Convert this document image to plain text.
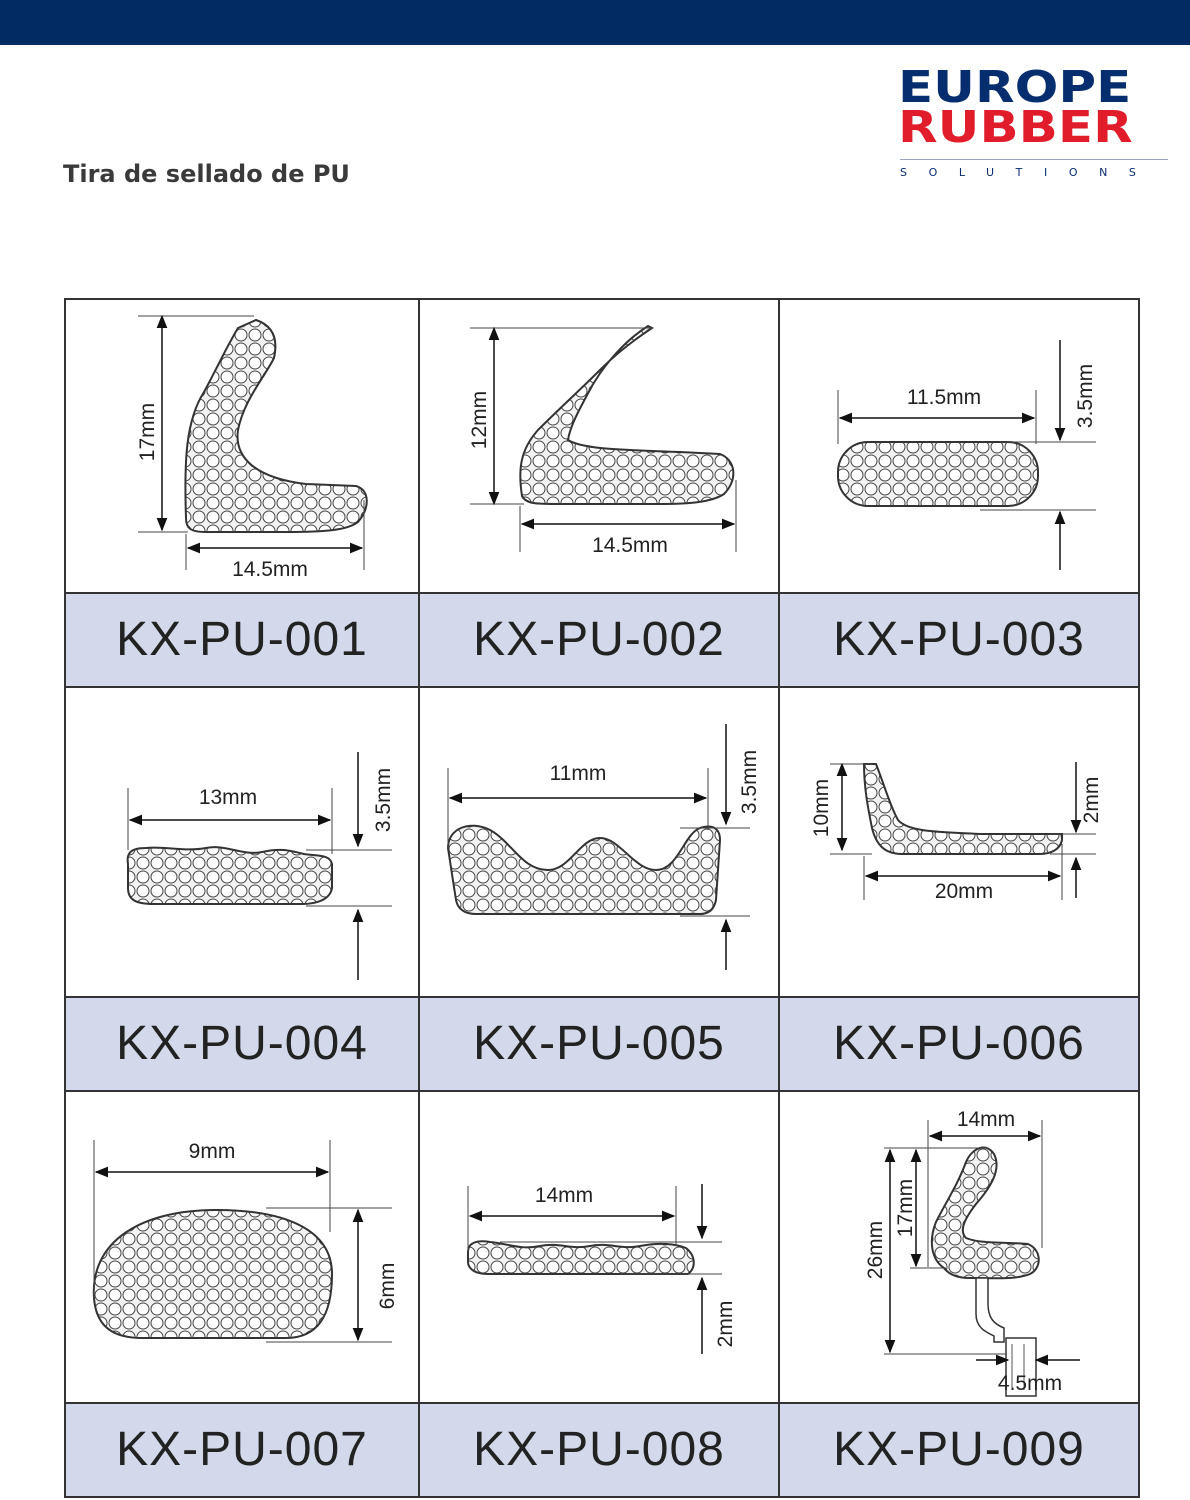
EUROPE
RUBBER
SOLUTIONS
Tira de sellado de PU
17mm
14.5mm
12mm
14.5mm
11.5mm	3.5mm
KX-PU-001	KX-PU-002	KX-PU-003
13mm	3.5mm	11mm	3.5mm 10mm	2mm
20mm
KX-PU-004	KX-PU-005	KX-PU-006
9mm
6mm
14mm
2mm
14mm
17mm
26mm
4.5mm
KX-PU-007	KX-PU-008	KX-PU-009
